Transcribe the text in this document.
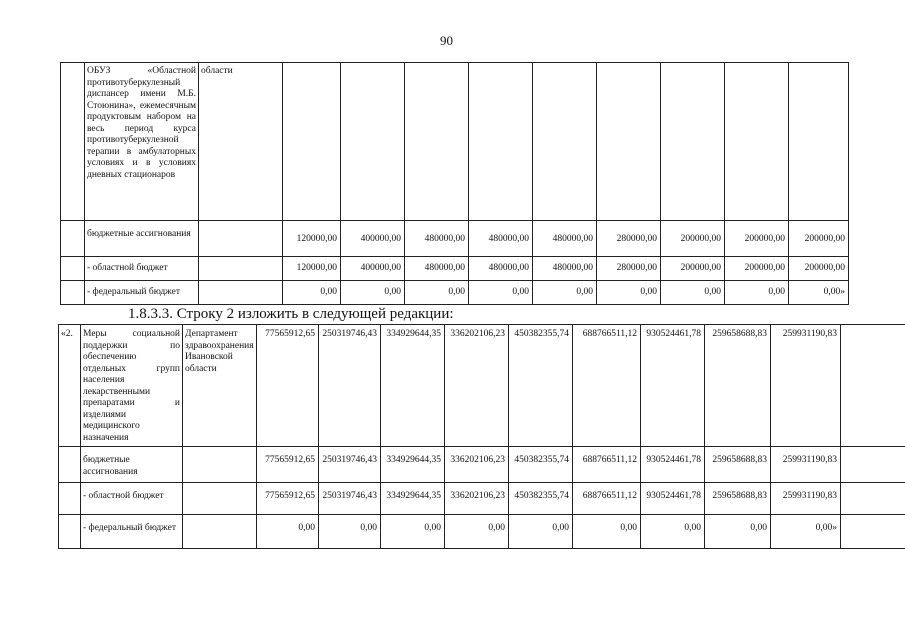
90
	ОБУЗ «Областной противотуберкулезный диспансер имени М.Б. Стоюнина», ежемесячным продуктовым набором на весь период курса противотуберкулезной терапии в амбулаторных условиях и в условиях дневных стационаров	области									
	бюджетные ассигнования		120000,00	400000,00	480000,00	480000,00	480000,00	280000,00	200000,00	200000,00	200000,00
	- областной бюджет		120000,00	400000,00	480000,00	480000,00	480000,00	280000,00	200000,00	200000,00	200000,00
	- федеральный бюджет		0,00	0,00	0,00	0,00	0,00	0,00	0,00	0,00	0,00»
1.8.3.3. Строку 2 изложить в следующей редакции:
«2.	Меры социальной поддержки по обеспечению отдельных групп населения лекарственными препаратами и изделиями медицинского назначения	Департамент здравоохранения Ивановской области	77565912,65	250319746,43	334929644,35	336202106,23	450382355,74	688766511,12	930524461,78	259658688,83	259931190,83	
	бюджетные ассигнования		77565912,65	250319746,43	334929644,35	336202106,23	450382355,74	688766511,12	930524461,78	259658688,83	259931190,83	
	- областной бюджет		77565912,65	250319746,43	334929644,35	336202106,23	450382355,74	688766511,12	930524461,78	259658688,83	259931190,83	
	- федеральный бюджет		0,00	0,00	0,00	0,00	0,00	0,00	0,00	0,00	0,00»	
